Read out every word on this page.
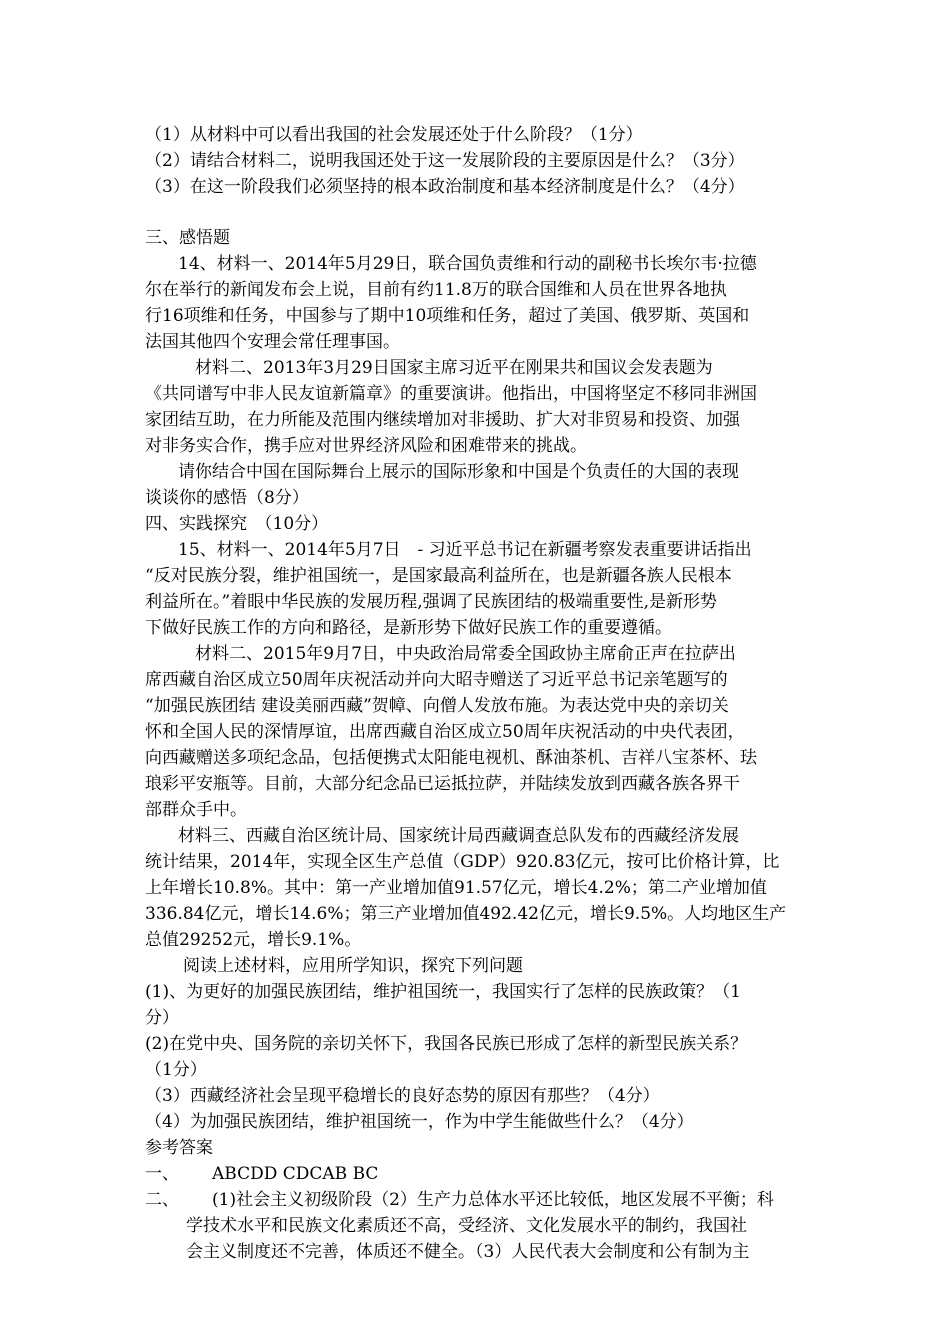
（1）从材料中可以看出我国的社会发展还处于什么阶段？（1分）
（2）请结合材料二，说明我国还处于这一发展阶段的主要原因是什么？（3分）
（3）在这一阶段我们必须坚持的根本政治制度和基本经济制度是什么？（4分）
三、感悟题
14、材料一、2014年5月29日，联合国负责维和行动的副秘书长埃尔韦·拉德
尔在举行的新闻发布会上说，目前有约11.8万的联合国维和人员在世界各地执
行16项维和任务，中国参与了期中10项维和任务，超过了美国、俄罗斯、英国和
法国其他四个安理会常任理事国。
材料二、2013年3月29日国家主席习近平在刚果共和国议会发表题为
《共同谱写中非人民友谊新篇章》的重要演讲。他指出，中国将坚定不移同非洲国
家团结互助，在力所能及范围内继续增加对非援助、扩大对非贸易和投资、加强
对非务实合作，携手应对世界经济风险和困难带来的挑战。
请你结合中国在国际舞台上展示的国际形象和中国是个负责任的大国的表现
谈谈你的感悟（8分）
四、实践探究　（10分）
15、材料一、2014年5月7日　- 习近平总书记在新疆考察发表重要讲话指出
“反对民族分裂，维护祖国统一，是国家最高利益所在，也是新疆各族人民根本
利益所在。”着眼中华民族的发展历程,强调了民族团结的极端重要性,是新形势
下做好民族工作的方向和路径，是新形势下做好民族工作的重要遵循。
材料二、2015年9月7日，中央政治局常委全国政协主席俞正声在拉萨出
席西藏自治区成立50周年庆祝活动并向大昭寺赠送了习近平总书记亲笔题写的
“加强民族团结 建设美丽西藏”贺幛、向僧人发放布施。为表达党中央的亲切关
怀和全国人民的深情厚谊，出席西藏自治区成立50周年庆祝活动的中央代表团，
向西藏赠送多项纪念品，包括便携式太阳能电视机、酥油茶机、吉祥八宝茶杯、珐
琅彩平安瓶等。目前，大部分纪念品已运抵拉萨，并陆续发放到西藏各族各界干
部群众手中。
材料三、西藏自治区统计局、国家统计局西藏调查总队发布的西藏经济发展
统计结果，2014年，实现全区生产总值（GDP）920.83亿元，按可比价格计算，比
上年增长10.8%。其中：第一产业增加值91.57亿元，增长4.2%；第二产业增加值
336.84亿元，增长14.6%；第三产业增加值492.42亿元，增长9.5%。人均地区生产
总值29252元，增长9.1%。
阅读上述材料，应用所学知识，探究下列问题
(1)、为更好的加强民族团结，维护祖国统一，我国实行了怎样的民族政策？（1
分）
(2)在党中央、国务院的亲切关怀下，我国各民族已形成了怎样的新型民族关系？
（1分）
（3）西藏经济社会呈现平稳增长的良好态势的原因有那些？（4分）
（4）为加强民族团结，维护祖国统一，作为中学生能做些什么？（4分）
参考答案
一、 ABCDD CDCAB BC
二、 (1)社会主义初级阶段（2）生产力总体水平还比较低，地区发展不平衡；科
学技术水平和民族文化素质还不高，受经济、文化发展水平的制约，我国社
会主义制度还不完善，体质还不健全。（3）人民代表大会制度和公有制为主
